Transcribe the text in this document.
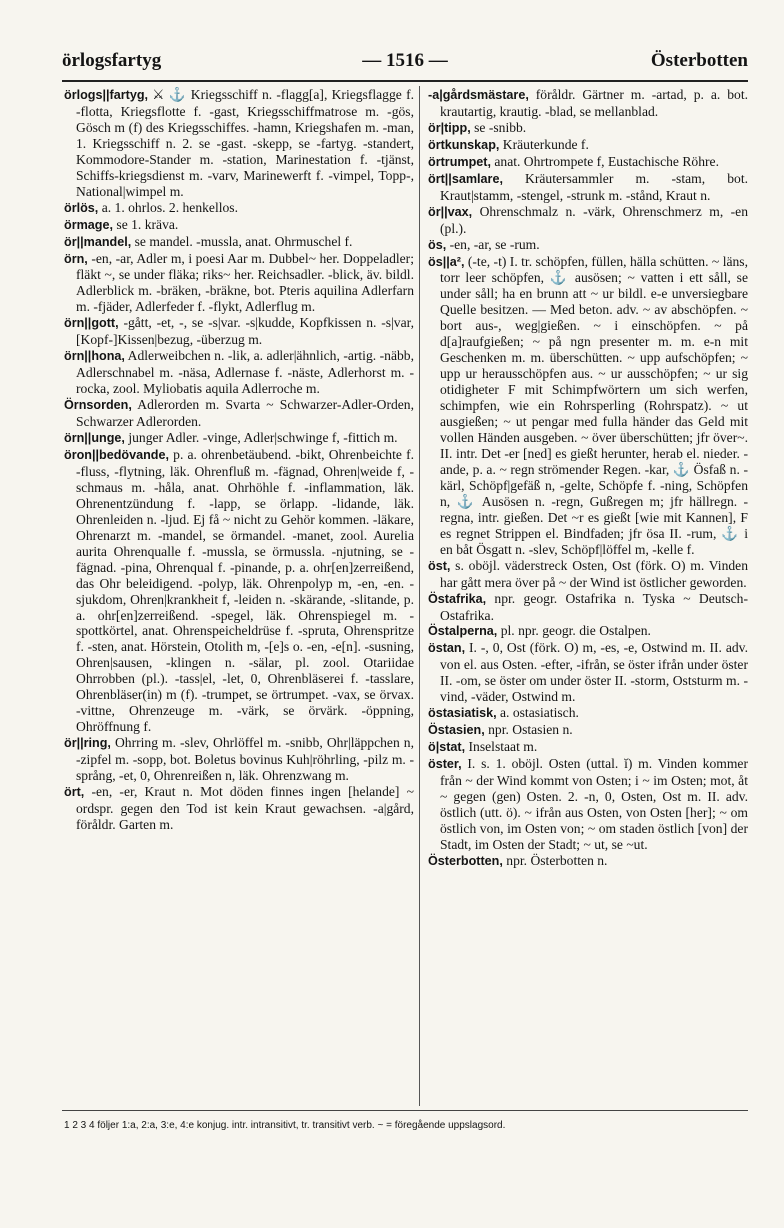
örlogsfartyg	— 1516 —	Österbotten

örlogs||fartyg, ⚔ ⚓ Kriegsschiff n. -flagg[a], Kriegsflagge f. -flotta, Kriegsflotte f. -gast, Kriegsschiffmatrose m. -gös, Gösch m (f) des Kriegsschiffes. -hamn, Kriegshafen m. -man, 1. Kriegsschiff n. 2. se -gast. -skepp, se -fartyg. -standert, Kommodore-Stander m. -station, Marinestation f. -tjänst, Schiffs-kriegsdienst m. -varv, Marinewerft f. -vimpel, Topp-, National|wimpel m.

örlös, a. 1. ohrlos. 2. henkellos.

örmage, se 1. kräva.

ör||mandel, se mandel. -mussla, anat. Ohrmuschel f.

örn, -en, -ar, Adler m, i poesi Aar m. Dubbel~ her. Doppeladler; fläkt ~, se under fläka; riks~ her. Reichsadler. -blick, äv. bildl. Adlerblick m. -bräken, -bräkne, bot. Pteris aquilina Adlerfarn m. -fjäder, Adlerfeder f. -flykt, Adlerflug m.

örn||gott, -gått, -et, -, se -s|var. -s|kudde, Kopfkissen n. -s|var, [Kopf-]Kissen|bezug, -überzug m.

örn||hona, Adlerweibchen n. -lik, a. adler|ähnlich, -artig. -näbb, Adlerschnabel m. -näsa, Adlernase f. -näste, Adlerhorst m. -rocka, zool. Myliobatis aquila Adlerroche m.

Örnsorden, Adlerorden m. Svarta ~ Schwarzer-Adler-Orden, Schwarzer Adlerorden.

örn||unge, junger Adler. -vinge, Adler|schwinge f, -fittich m.

öron||bedövande, p. a. ohrenbetäubend. -bikt, Ohrenbeichte f. -fluss, -flytning, läk. Ohrenfluß m. -fägnad, Ohren|weide f, -schmaus m. -håla, anat. Ohrhöhle f. -inflammation, läk. Ohrenentzündung f. -lapp, se örlapp. -lidande, läk. Ohrenleiden n. -ljud. Ej få ~ nicht zu Gehör kommen. -läkare, Ohrenarzt m. -mandel, se örmandel. -manet, zool. Aurelia aurita Ohrenqualle f. -mussla, se örmussla. -njutning, se -fägnad. -pina, Ohrenqual f. -pinande, p. a. ohr[en]zerreißend, das Ohr beleidigend. -polyp, läk. Ohrenpolyp m, -en, -en. -sjukdom, Ohren|krankheit f, -leiden n. -skärande, -slitande, p. a. ohr[en]zerreißend. -spegel, läk. Ohrenspiegel m. -spottkörtel, anat. Ohrenspeicheldrüse f. -spruta, Ohrenspritze f. -sten, anat. Hörstein, Otolith m, -[e]s o. -en, -e[n]. -susning, Ohren|sausen, -klingen n. -sälar, pl. zool. Otariidae Ohrrobben (pl.). -tass|el, -let, 0, Ohrenbläserei f. -tasslare, Ohrenbläser(in) m (f). -trumpet, se örtrumpet. -vax, se örvax. -vittne, Ohrenzeuge m. -värk, se örvärk. -öppning, Ohröffnung f.

ör||ring, Ohrring m. -slev, Ohrlöffel m. -snibb, Ohr|läppchen n, -zipfel m. -sopp, bot. Boletus bovinus Kuh|röhrling, -pilz m. -språng, -et, 0, Ohrenreißen n, läk. Ohrenzwang m.

ört, -en, -er, Kraut n. Mot döden finnes ingen [helande] ~ ordspr. gegen den Tod ist kein Kraut gewachsen. -a|gård, föråldr. Garten m.

-a|gårdsmästare, föråldr. Gärtner m. -artad, p. a. bot. krautartig, krautig. -blad, se mellanblad.

ör|tipp, se -snibb.

örtkunskap, Kräuterkunde f.

örtrumpet, anat. Ohrtrompete f, Eustachische Röhre.

ört||samlare, Kräutersammler m. -stam, bot. Kraut|stamm, -stengel, -strunk m. -stånd, Kraut n.

ör||vax, Ohrenschmalz n. -värk, Ohrenschmerz m, -en (pl.).

ös, -en, -ar, se -rum.

ös||a², (-te, -t) I. tr. schöpfen, füllen, hälla schütten. ~ läns, torr leer schöpfen, ⚓ ausösen; ~ vatten i ett såll, se under såll; ha en brunn att ~ ur bildl. e-e unversiegbare Quelle besitzen. — Med beton. adv. ~ av abschöpfen. ~ bort aus-, weg|gießen. ~ i einschöpfen. ~ på d[a]raufgießen; ~ på ngn presenter m. m. e-n mit Geschenken m. m. überschütten. ~ upp aufschöpfen; ~ upp ur herausschöpfen aus. ~ ur ausschöpfen; ~ ur sig otidigheter F mit Schimpfwörtern um sich werfen, schimpfen, wie ein Rohrsperling (Rohrspatz). ~ ut ausgießen; ~ ut pengar med fulla händer das Geld mit vollen Händen ausgeben. ~ över überschütten; jfr över~. II. intr. Det -er [ned] es gießt herunter, herab el. nieder. -ande, p. a. ~ regn strömender Regen. -kar, ⚓ Ösfaß n. -kärl, Schöpf|gefäß n, -gelte, Schöpfe f. -ning, Schöpfen n, ⚓ Ausösen n. -regn, Gußregen m; jfr hällregn. -regna, intr. gießen. Det ~r es gießt [wie mit Kannen], F es regnet Strippen el. Bindfaden; jfr ösa II. -rum, ⚓ i en båt Ösgatt n. -slev, Schöpf|löffel m, -kelle f.

öst, s. oböjl. väderstreck Osten, Ost (förk. O) m. Vinden har gått mera över på ~ der Wind ist östlicher geworden.

Östafrika, npr. geogr. Ostafrika n. Tyska ~ Deutsch-Ostafrika.

Östalperna, pl. npr. geogr. die Ostalpen.

östan, I. -, 0, Ost (förk. O) m, -es, -e, Ostwind m. II. adv. von el. aus Osten. -efter, -ifrån, se öster ifrån under öster II. -om, se öster om under öster II. -storm, Oststurm m. -vind, -väder, Ostwind m.

östasiatisk, a. ostasiatisch.

Östasien, npr. Ostasien n.

ö|stat, Inselstaat m.

öster, I. s. 1. oböjl. Osten (uttal. ĭ) m. Vinden kommer från ~ der Wind kommt von Osten; i ~ im Osten; mot, åt ~ gegen (gen) Osten. 2. -n, 0, Osten, Ost m. II. adv. östlich (utt. ö). ~ ifrån aus Osten, von Osten [her]; ~ om östlich von, im Osten von; ~ om staden östlich [von] der Stadt, im Osten der Stadt; ~ ut, se ~ut.

Österbotten, npr. Österbotten n.

1 2 3 4 följer 1:a, 2:a, 3:e, 4:e konjug. intr. intransitivt, tr. transitivt verb. ~ = föregående uppslagsord.
